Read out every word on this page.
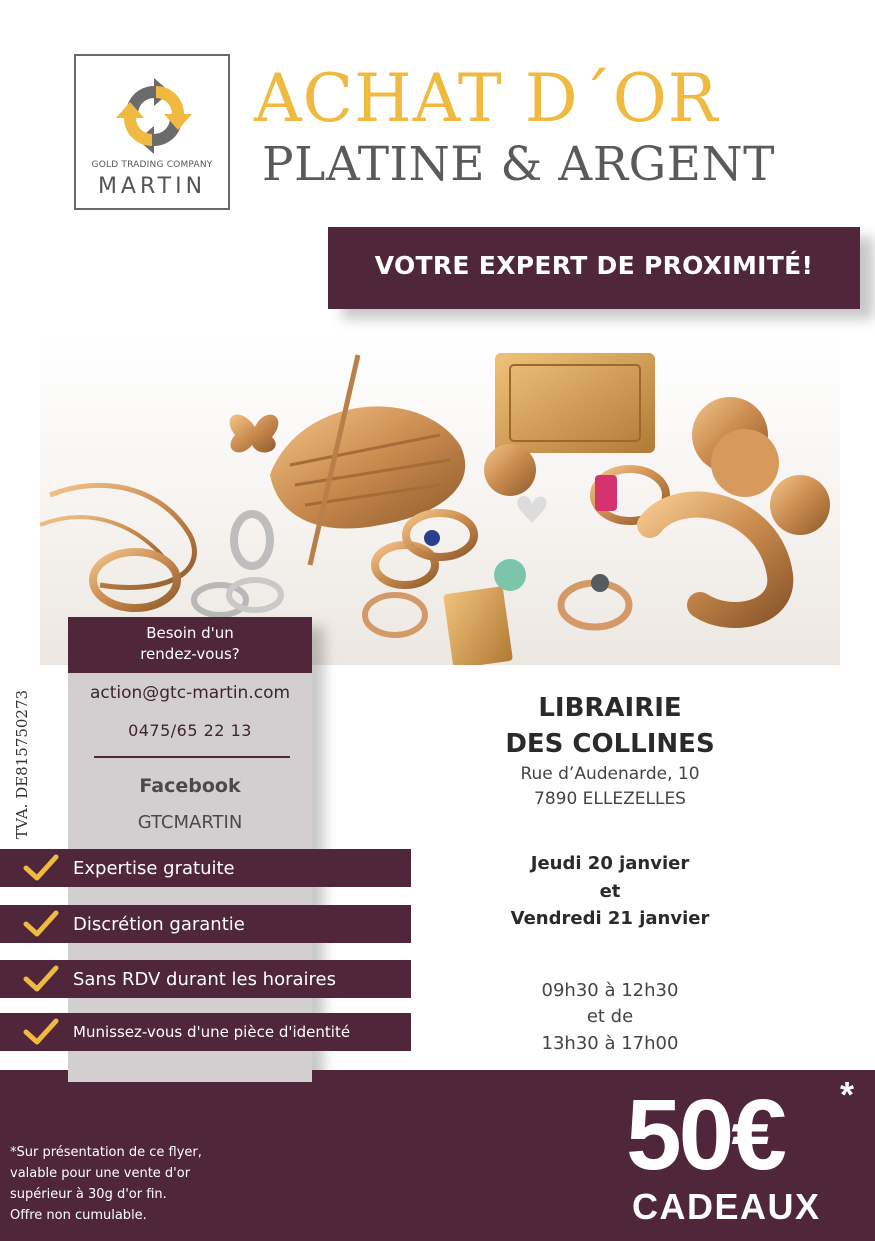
GOLD TRADING COMPANY
MARTIN
ACHAT D´OR
PLATINE & ARGENT
VOTRE EXPERT DE PROXIMITÉ!
Besoin d'un
rendez-vous?
action@gtc-martin.com
0475/65 22 13
Facebook
GTCMARTIN
TVA. DE815750273
Expertise gratuite
Discrétion garantie
Sans RDV durant les horaires
Munissez-vous d'une pièce d'identité
LIBRAIRIE
DES COLLINES
Rue d’Audenarde, 10
7890 ELLEZELLES
Jeudi 20 janvier
et
Vendredi 21 janvier
09h30 à 12h30
et de
13h30 à 17h00
*Sur présentation de ce flyer,
valable pour une vente d'or
supérieur à 30g d'or fin.
Offre non cumulable.
50€ *
CADEAUX
